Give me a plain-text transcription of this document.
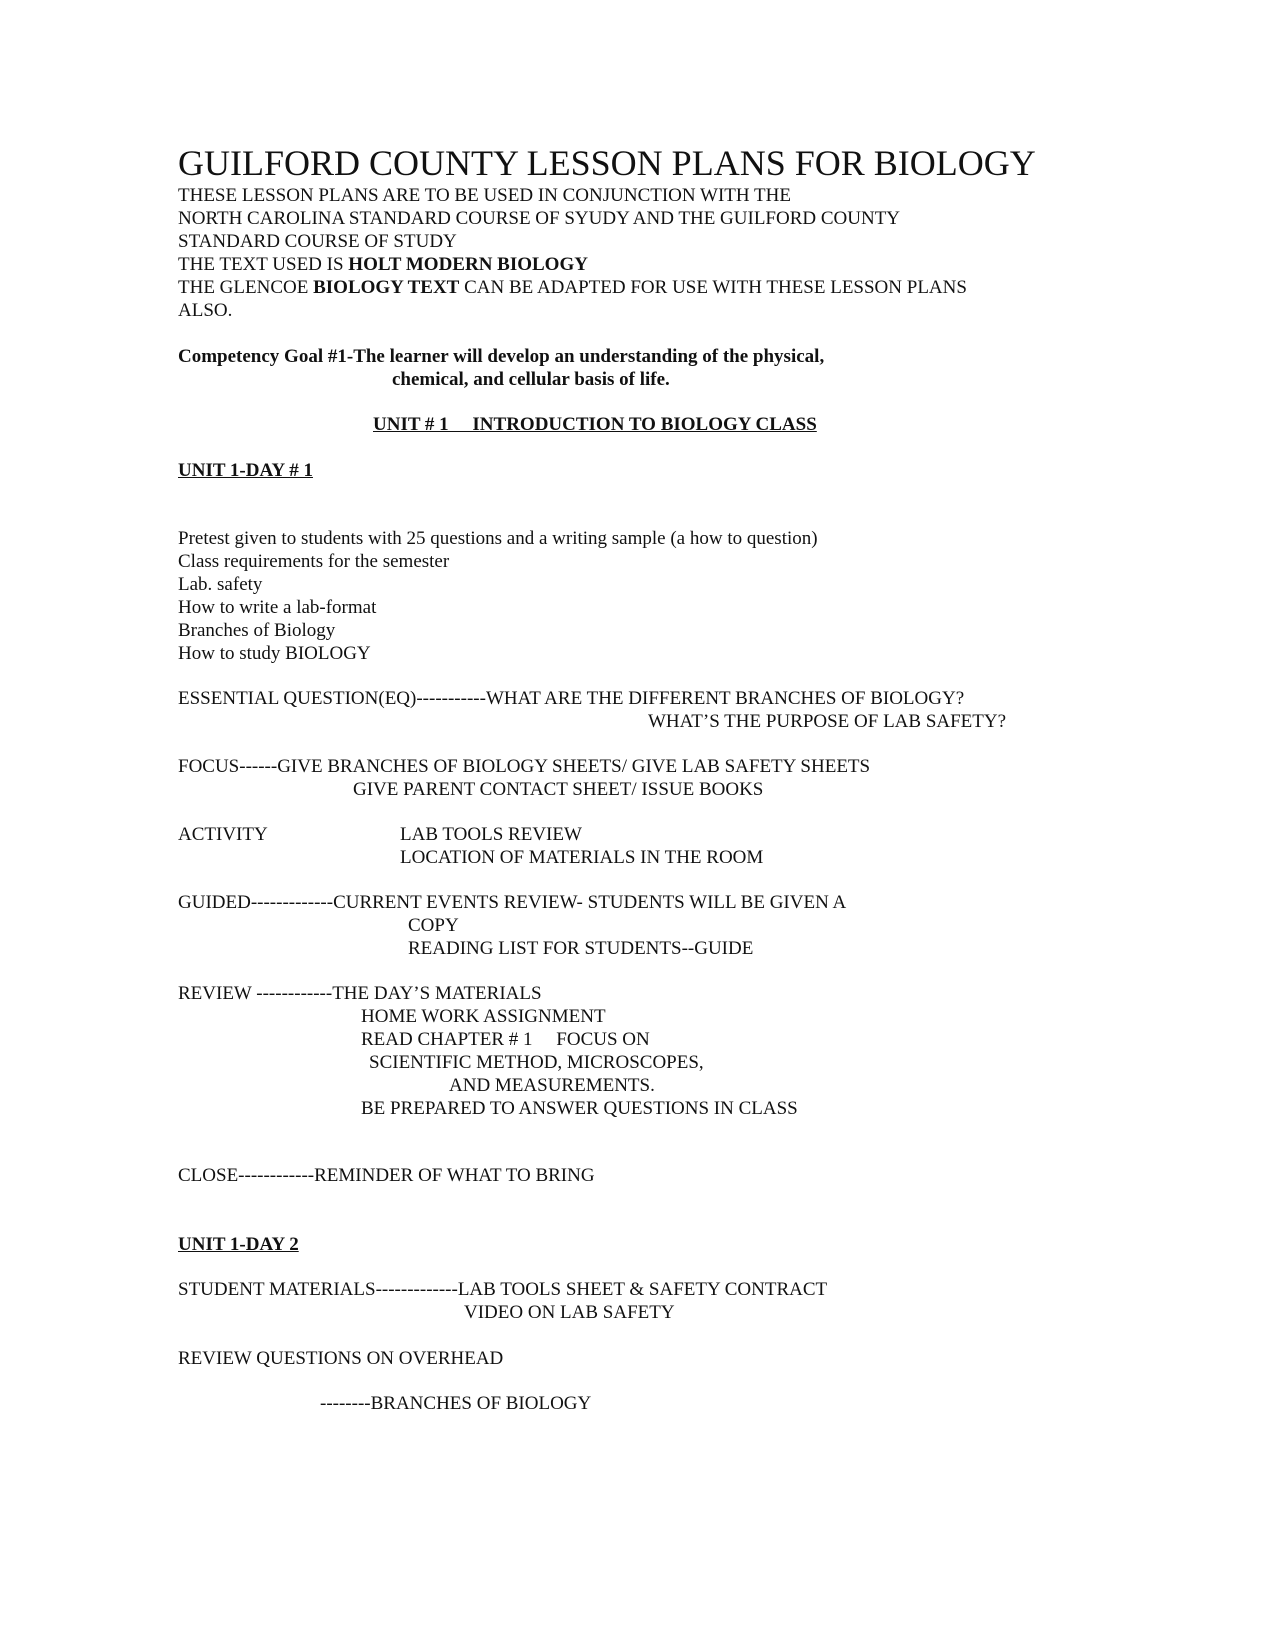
GUILFORD COUNTY LESSON PLANS FOR BIOLOGY
THESE LESSON PLANS ARE TO BE USED IN CONJUNCTION WITH THE
NORTH CAROLINA STANDARD COURSE OF SYUDY AND THE GUILFORD COUNTY
STANDARD COURSE OF STUDY
THE TEXT USED IS HOLT MODERN BIOLOGY
THE GLENCOE BIOLOGY TEXT CAN BE ADAPTED FOR USE WITH THESE LESSON PLANS
ALSO.
Competency Goal #1-The learner will develop an understanding of the physical,
chemical, and cellular basis of life.
UNIT # 1     INTRODUCTION TO BIOLOGY CLASS
UNIT 1-DAY # 1
Pretest given to students with 25 questions and a writing sample (a how to question)
Class requirements for the semester
Lab. safety
How to write a lab-format
Branches of Biology
How to study BIOLOGY
ESSENTIAL QUESTION(EQ)-----------WHAT ARE THE DIFFERENT BRANCHES OF BIOLOGY?
WHAT’S THE PURPOSE OF LAB SAFETY?
FOCUS------GIVE BRANCHES OF BIOLOGY SHEETS/ GIVE LAB SAFETY SHEETS
GIVE PARENT CONTACT SHEET/ ISSUE BOOKS
ACTIVITY	LAB TOOLS REVIEW
LOCATION OF MATERIALS IN THE ROOM
GUIDED-------------CURRENT EVENTS REVIEW- STUDENTS WILL BE GIVEN A
COPY
READING LIST FOR STUDENTS--GUIDE
REVIEW ------------THE DAY’S MATERIALS
HOME WORK ASSIGNMENT
READ CHAPTER # 1     FOCUS ON
SCIENTIFIC METHOD, MICROSCOPES,
AND MEASUREMENTS.
BE PREPARED TO ANSWER QUESTIONS IN CLASS
CLOSE------------REMINDER OF WHAT TO BRING
UNIT 1-DAY 2
STUDENT MATERIALS-------------LAB TOOLS SHEET & SAFETY CONTRACT
VIDEO ON LAB SAFETY
REVIEW QUESTIONS ON OVERHEAD
--------BRANCHES OF BIOLOGY
